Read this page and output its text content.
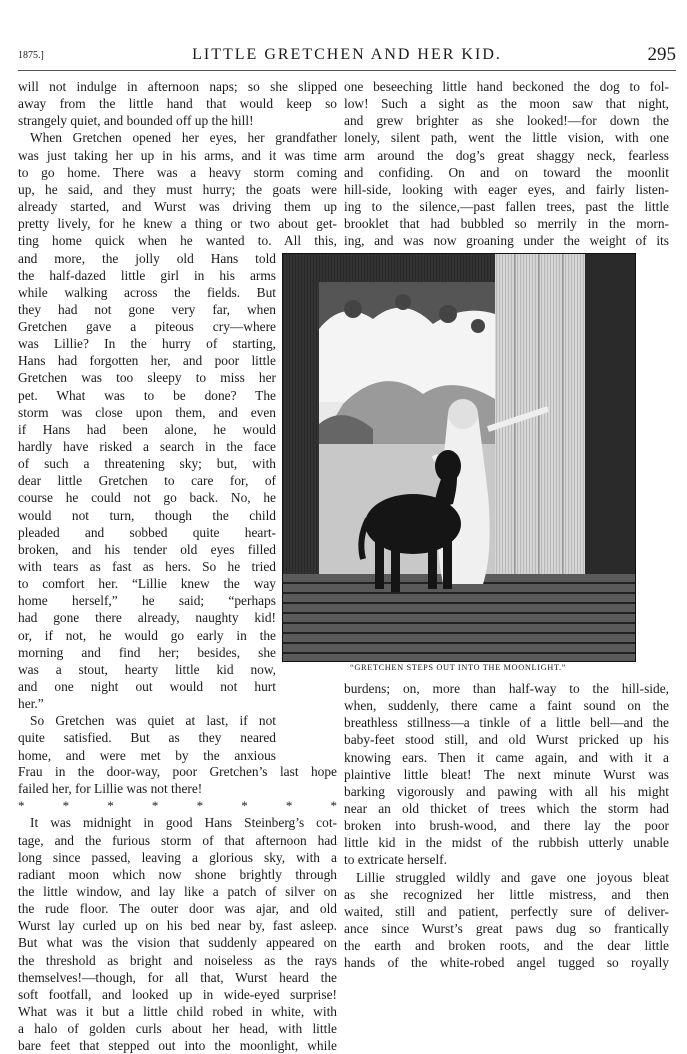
1875.]	LITTLE GRETCHEN AND HER KID.	295
will not indulge in afternoon naps; so she slipped
away from the little hand that would keep so
strangely quiet, and bounded off up the hill!
When Gretchen opened her eyes, her grandfather
was just taking her up in his arms, and it was time
to go home. There was a heavy storm coming
up, he said, and they must hurry; the goats were
already started, and Wurst was driving them up
pretty lively, for he knew a thing or two about get-
ting home quick when he wanted to. All this,
and more, the jolly old Hans told
the half-dazed little girl in his arms
while walking across the fields. But
they had not gone very far, when
Gretchen gave a piteous cry—where
was Lillie? In the hurry of starting,
Hans had forgotten her, and poor little
Gretchen was too sleepy to miss her
pet. What was to be done? The
storm was close upon them, and even
if Hans had been alone, he would
hardly have risked a search in the face
of such a threatening sky; but, with
dear little Gretchen to care for, of
course he could not go back. No, he
would not turn, though the child
pleaded and sobbed quite heart-
broken, and his tender old eyes filled
with tears as fast as hers. So he tried
to comfort her. “Lillie knew the way
home herself,” he said; “perhaps
had gone there already, naughty kid!
or, if not, he would go early in the
morning and find her; besides, she
was a stout, hearty little kid now,
and one night out would not hurt
her.”
So Gretchen was quiet at last, if not
quite satisfied. But as they neared
home, and were met by the anxious
Frau in the door-way, poor Gretchen’s last hope
failed her, for Lillie was not there!
* * * * * * * *
It was midnight in good Hans Steinberg’s cot-
tage, and the furious storm of that afternoon had
long since passed, leaving a glorious sky, with a
radiant moon which now shone brightly through
the little window, and lay like a patch of silver on
the rude floor. The outer door was ajar, and old
Wurst lay curled up on his bed near by, fast asleep.
But what was the vision that suddenly appeared on
the threshold as bright and noiseless as the rays
themselves!—though, for all that, Wurst heard the
soft footfall, and looked up in wide-eyed surprise!
What was it but a little child robed in white, with
a halo of golden curls about her head, with little
bare feet that stepped out into the moonlight, while
one beseeching little hand beckoned the dog to fol-
low! Such a sight as the moon saw that night,
and grew brighter as she looked!—for down the
lonely, silent path, went the little vision, with one
arm around the dog’s great shaggy neck, fearless
and confiding. On and on toward the moonlit
hill-side, looking with eager eyes, and fairly listen-
ing to the silence,—past fallen trees, past the little
brooklet that had bubbled so merrily in the morn-
ing, and was now groaning under the weight of its
burdens; on, more than half-way to the hill-side,
when, suddenly, there came a faint sound on the
breathless stillness—a tinkle of a little bell—and the
baby-feet stood still, and old Wurst pricked up his
knowing ears. Then it came again, and with it a
plaintive little bleat! The next minute Wurst was
barking vigorously and pawing with all his might
near an old thicket of trees which the storm had
broken into brush-wood, and there lay the poor
little kid in the midst of the rubbish utterly unable
to extricate herself.
Lillie struggled wildly and gave one joyous bleat
as she recognized her little mistress, and then
waited, still and patient, perfectly sure of deliver-
ance since Wurst’s great paws dug so frantically
the earth and broken roots, and the dear little
hands of the white-robed angel tugged so royally
“GRETCHEN STEPS OUT INTO THE MOONLIGHT.”
